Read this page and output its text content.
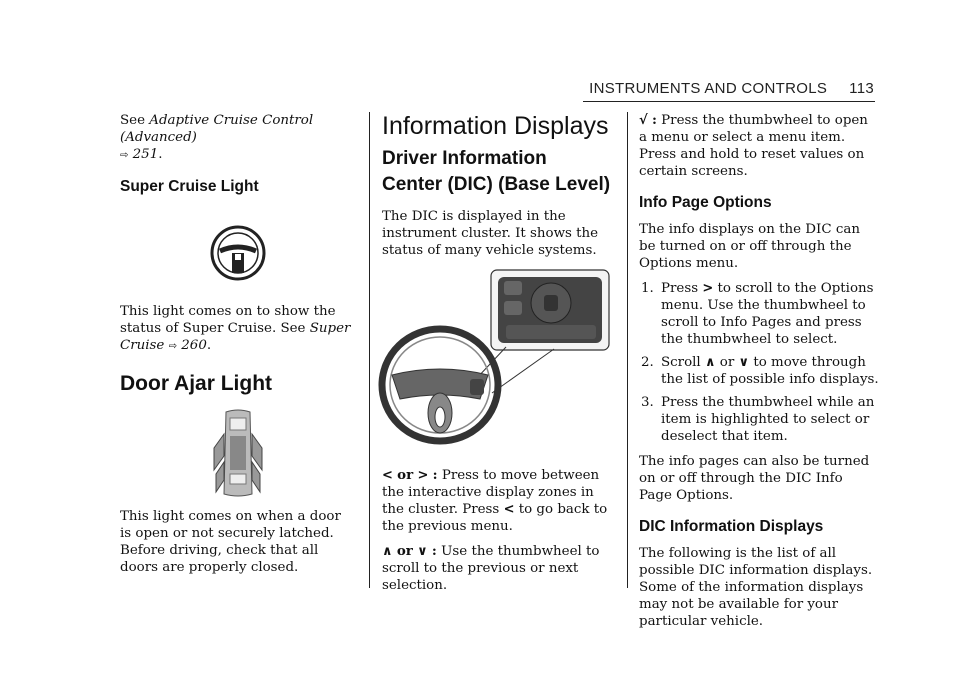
INSTRUMENTS AND CONTROLS 113

See Adaptive Cruise Control (Advanced)
⇨ 251.

Super Cruise Light

This light comes on to show the status of Super Cruise. See Super Cruise ⇨ 260.

Door Ajar Light

This light comes on when a door is open or not securely latched. Before driving, check that all doors are properly closed.

Information Displays
Driver Information Center (DIC) (Base Level)

The DIC is displayed in the instrument cluster. It shows the status of many vehicle systems.

< or > : Press to move between the interactive display zones in the cluster. Press < to go back to the previous menu.

∧ or ∨ : Use the thumbwheel to scroll to the previous or next selection.

√ : Press the thumbwheel to open a menu or select a menu item. Press and hold to reset values on certain screens.

Info Page Options

The info displays on the DIC can be turned on or off through the Options menu.

1. Press > to scroll to the Options menu. Use the thumbwheel to scroll to Info Pages and press the thumbwheel to select.
2. Scroll ∧ or ∨ to move through the list of possible info displays.
3. Press the thumbwheel while an item is highlighted to select or deselect that item.

The info pages can also be turned on or off through the DIC Info Page Options.

DIC Information Displays

The following is the list of all possible DIC information displays. Some of the information displays may not be available for your particular vehicle.
